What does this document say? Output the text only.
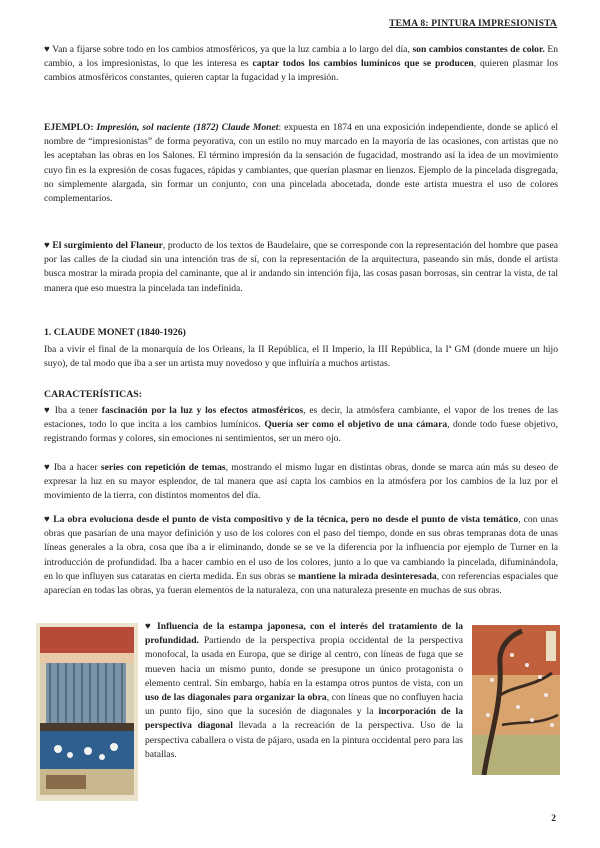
TEMA 8: PINTURA IMPRESIONISTA

♥ Van a fijarse sobre todo en los cambios atmosféricos, ya que la luz cambia a lo largo del día, son cambios constantes de color. En cambio, a los impresionistas, lo que les interesa es captar todos los cambios lumínicos que se producen, quieren plasmar los cambios atmosféricos constantes, quieren captar la fugacidad y la impresión.

EJEMPLO: Impresión, sol naciente (1872) Claude Monet: expuesta en 1874 en una exposición independiente, donde se aplicó el nombre de “impresionistas” de forma peyorativa, con un estilo no muy marcado en la mayoría de las ocasiones, con artistas que no les aceptaban las obras en los Salones. El término impresión da la sensación de fugacidad, mostrando así la idea de un movimiento cuyo fin es la expresión de cosas fugaces, rápidas y cambiantes, que querían plasmar en lienzos. Ejemplo de la pincelada disgregada, no simplemente alargada, sin formar un conjunto, con una pincelada abocetada, donde este artista muestra el uso de colores complementarios.

♥ El surgimiento del Flaneur, producto de los textos de Baudelaire, que se corresponde con la representación del hombre que pasea por las calles de la ciudad sin una intención tras de sí, con la representación de la arquitectura, paseando sin más, donde el artista busca mostrar la mirada propia del caminante, que al ir andando sin intención fija, las cosas pasan borrosas, sin centrar la vista, de tal manera que eso muestra la pincelada tan indefinida.

1. CLAUDE MONET (1840-1926)

Iba a vivir el final de la monarquía de los Orleans, la II República, el II Imperio, la III República, la Iª GM (donde muere un hijo suyo), de tal modo que iba a ser un artista muy novedoso y que influiría a muchos artistas.

CARACTERÍSTICAS:

♥ Iba a tener fascinación por la luz y los efectos atmosféricos, es decir, la atmósfera cambiante, el vapor de los trenes de las estaciones, todo lo que incita a los cambios lumínicos. Quería ser como el objetivo de una cámara, donde todo fuese objetivo, registrando formas y colores, sin emociones ni sentimientos, ser un mero ojo.

♥ Iba a hacer series con repetición de temas, mostrando el mismo lugar en distintas obras, donde se marca aún más su deseo de expresar la luz en su mayor esplendor, de tal manera que así capta los cambios en la atmósfera por los cambios de la luz por el movimiento de la tierra, con distintos momentos del día.

♥ La obra evoluciona desde el punto de vista compositivo y de la técnica, pero no desde el punto de vista temático, con unas obras que pasarían de una mayor definición y uso de los colores con el paso del tiempo, donde en sus obras tempranas dota de unas líneas generales a la obra, cosa que iba a ir eliminando, donde se se ve la diferencia por la influencia por ejemplo de Turner en la introducción de profundidad. Iba a hacer cambio en el uso de los colores, junto a lo que va cambiando la pincelada, difuminándola, en lo que influyen sus cataratas en cierta medida. En sus obras se mantiene la mirada desinteresada, con referencias espaciales que aparecían en todas las obras, ya fueran elementos de la naturaleza, con una naturaleza presente en muchas de sus obras.

♥ Influencia de la estampa japonesa, con el interés del tratamiento de la profundidad. Partiendo de la perspectiva propia occidental de la perspectiva monofocal, la usada en Europa, que se dirige al centro, con líneas de fuga que se mueven hacia un mismo punto, donde se presupone un único protagonista o elemento central. Sin embargo, había en la estampa otros puntos de vista, con un uso de las diagonales para organizar la obra, con líneas que no confluyen hacia un punto fijo, sino que la sucesión de diagonales y la incorporación de la perspectiva diagonal llevada a la recreación de la perspectiva. Uso de la perspectiva caballera o vista de pájaro, usada en la pintura occidental pero para las batallas.

2
